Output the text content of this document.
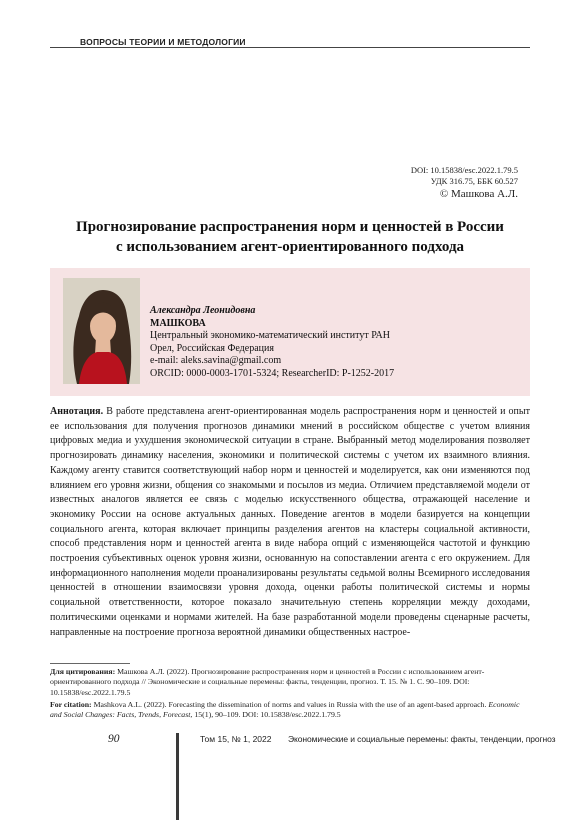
ВОПРОСЫ ТЕОРИИ И МЕТОДОЛОГИИ
DOI: 10.15838/esc.2022.1.79.5
УДК 316.75, ББК 60.527
© Машкова А.Л.
Прогнозирование распространения норм и ценностей в России
с использованием агент-ориентированного подхода
Александра Леонидовна
МАШКОВА
Центральный экономико-математический институт РАН
Орел, Российская Федерация
e-mail: aleks.savina@gmail.com
ORCID: 0000-0003-1701-5324; ResearcherID: P-1252-2017
Аннотация. В работе представлена агент-ориентированная модель распространения норм и ценностей и опыт ее использования для получения прогнозов динамики мнений в российском обществе с учетом влияния цифровых медиа и ухудшения экономической ситуации в стране. Выбранный метод моделирования позволяет прогнозировать динамику населения, экономики и политической системы с учетом их взаимного влияния. Каждому агенту ставится соответствующий набор норм и ценностей и моделируется, как они изменяются под влиянием его уровня жизни, общения со знакомыми и посылов из медиа. Отличием представляемой модели от известных аналогов является ее связь с моделью искусственного общества, отражающей население и экономику России на основе актуальных данных. Поведение агентов в модели базируется на концепции социального агента, которая включает принципы разделения агентов на кластеры социальной активности, способ представления норм и ценностей агента в виде набора опций с изменяющейся частотой и функцию построения субъективных оценок уровня жизни, основанную на сопоставлении агента с его окружением. Для информационного наполнения модели проанализированы результаты седьмой волны Всемирного исследования ценностей в отношении взаимосвязи уровня дохода, оценки работы политической системы и нормы социальной ответственности, которое показало значительную степень корреляции между доходами, политическими оценками и нормами жителей. На базе разработанной модели проведены сценарные расчеты, направленные на построение прогноза вероятной динамики общественных настрое-
Для цитирования: Машкова А.Л. (2022). Прогнозирование распространения норм и ценностей в России с использованием агент-ориентированного подхода // Экономические и социальные перемены: факты, тенденции, прогноз. Т. 15. № 1. С. 90–109. DOI: 10.15838/esc.2022.1.79.5
For citation: Mashkova A.L. (2022). Forecasting the dissemination of norms and values in Russia with the use of an agent-based approach. Economic and Social Changes: Facts, Trends, Forecast, 15(1), 90–109. DOI: 10.15838/esc.2022.1.79.5
90	Том 15, № 1, 2022 Экономические и социальные перемены: факты, тенденции, прогноз
